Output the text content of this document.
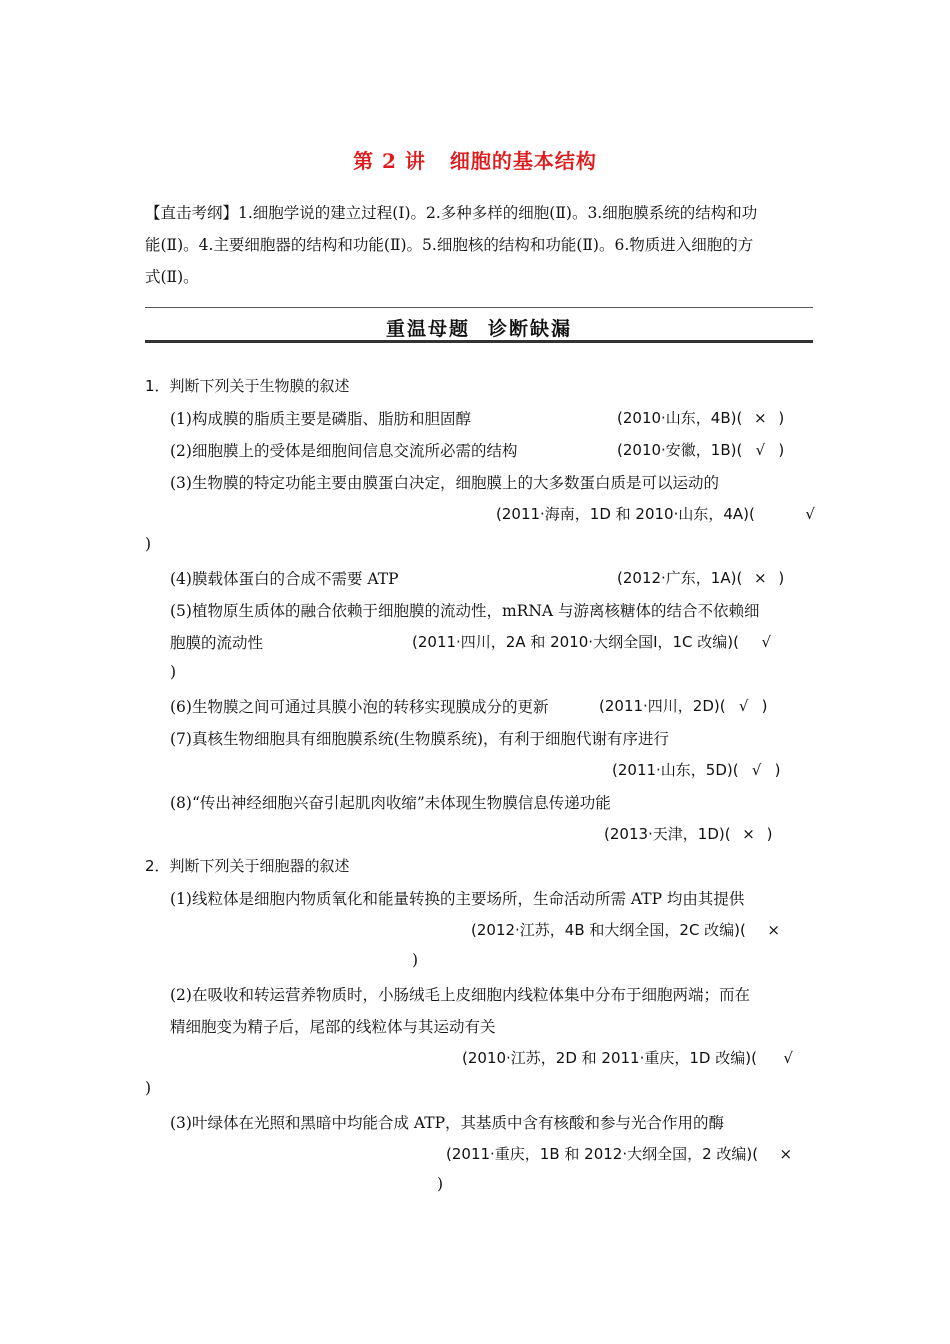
第 2 讲 细胞的基本结构
【直击考纲】1.细胞学说的建立过程(Ⅰ)。2.多种多样的细胞(Ⅱ)。3.细胞膜系统的结构和功
能(Ⅱ)。4.主要细胞器的结构和功能(Ⅱ)。5.细胞核的结构和功能(Ⅱ)。6.物质进入细胞的方
式(Ⅱ)。
重温母题 诊断缺漏
1．判断下列关于生物膜的叙述
(1)构成膜的脂质主要是磷脂、脂肪和胆固醇	(2010·山东，4B)( × )
(2)细胞膜上的受体是细胞间信息交流所必需的结构	(2010·安徽，1B)( √ )
(3)生物膜的特定功能主要由膜蛋白决定，细胞膜上的大多数蛋白质是可以运动的
(2011·海南，1D 和 2010·山东，4A)(	√
)
(4)膜载体蛋白的合成不需要 ATP	(2012·广东，1A)( × )
(5)植物原生质体的融合依赖于细胞膜的流动性，mRNA 与游离核糖体的结合不依赖细
胞膜的流动性	(2011·四川，2A 和 2010·大纲全国Ⅰ，1C 改编)( √
)
(6)生物膜之间可通过具膜小泡的转移实现膜成分的更新	(2011·四川，2D)( √ )
(7)真核生物细胞具有细胞膜系统(生物膜系统)，有利于细胞代谢有序进行
(2011·山东，5D)( √ )
(8)“传出神经细胞兴奋引起肌肉收缩”未体现生物膜信息传递功能
(2013·天津，1D)( × )
2．判断下列关于细胞器的叙述
(1)线粒体是细胞内物质氧化和能量转换的主要场所，生命活动所需 ATP 均由其提供
(2012·江苏，4B 和大纲全国，2C 改编)( ×
)
(2)在吸收和转运营养物质时，小肠绒毛上皮细胞内线粒体集中分布于细胞两端；而在
精细胞变为精子后，尾部的线粒体与其运动有关
(2010·江苏，2D 和 2011·重庆，1D 改编)( √
)
(3)叶绿体在光照和黑暗中均能合成 ATP，其基质中含有核酸和参与光合作用的酶
(2011·重庆，1B 和 2012·大纲全国，2 改编)( ×
)
